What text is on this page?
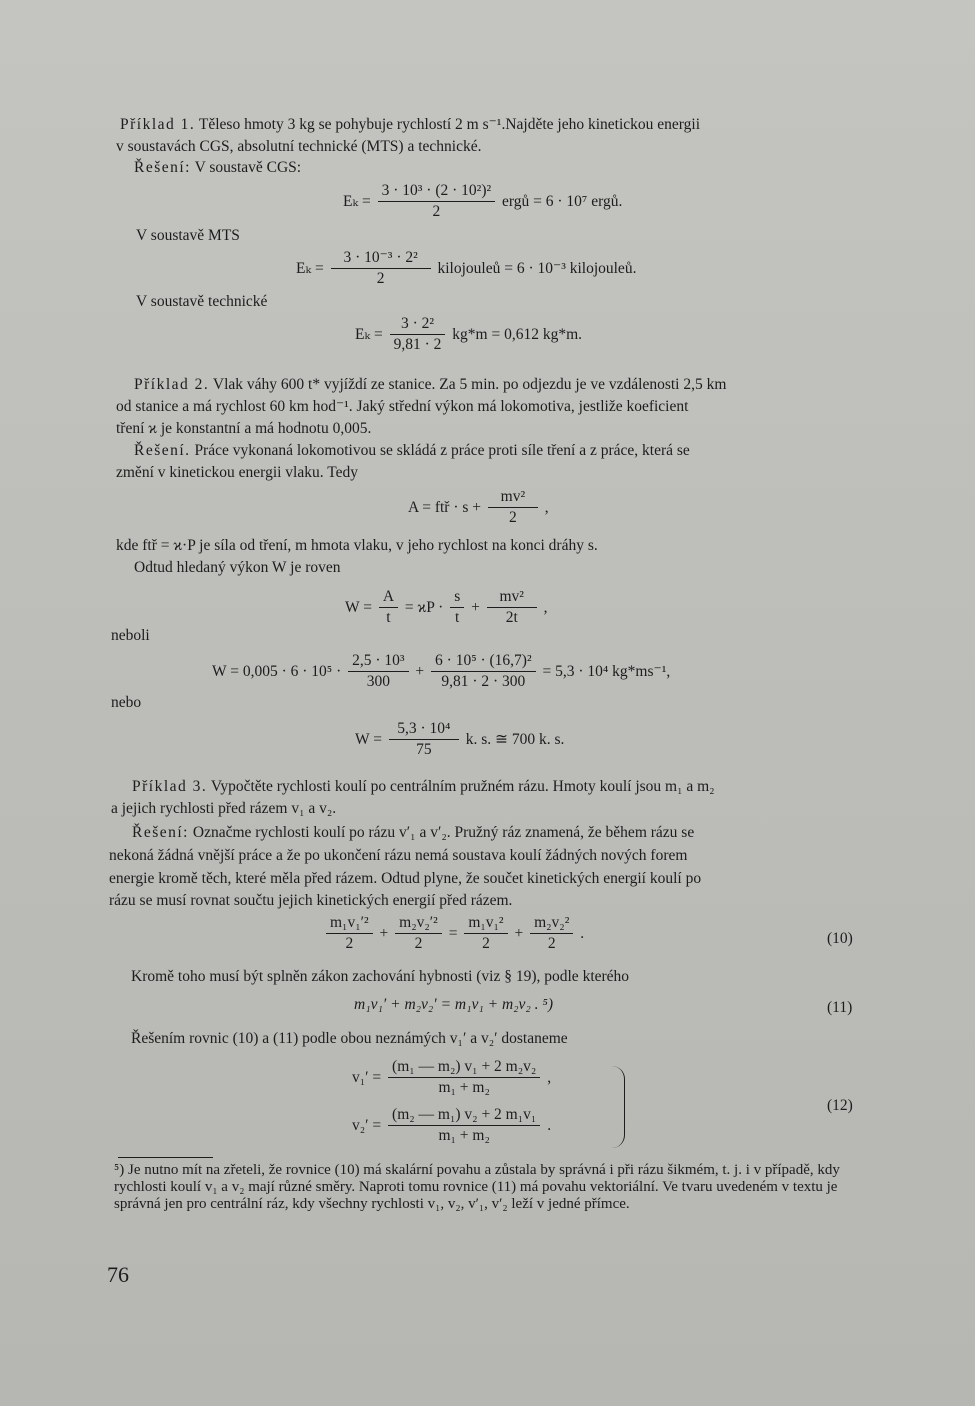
Příklad 1. Těleso hmoty 3 kg se pohybuje rychlostí 2 m s⁻¹.Najděte jeho kinetickou energii
v soustavách CGS, absolutní technické (MTS) a technické.
Řešení: V soustavě CGS:
$E_k = \frac{\text{3 · 10³ · (2 · 10²)²}}{2}$ ergů = 6 · 10⁷ ergů.
V soustavě MTS
$E_k = \frac{\text{3 · 10⁻³ · 2²}}{2}$ kilojouleů = 6 · 10⁻³ kilojouleů.
V soustavě technické
$E_k = \frac{\text{3 · 2²}}{9,81 \cdot 2} kg*m = 0,612$ kg*m.
Příklad 2. Vlak váhy 600 t* vyjíždí ze stanice. Za 5 min. po odjezdu je ve vzdálenosti 2,5 km
od stanice a má rychlost 60 km hod⁻¹. Jaký střední výkon má lokomotiva, jestliže koeficient
tření ϰ je konstantní a má hodnotu 0,005.
Řešení. Práce vykonaná lokomotivou se skládá z práce proti síle tření a z práce, která se
změní v kinetickou energii vlaku. Tedy
A = ftř · $s + \frac{\text{mv²}}{2}$ ,
kde ftř = ϰ·P je síla od tření, m hmota vlaku, v jeho rychlost na konci dráhy s.
Odtud hledaný výkon W je roven
$W = \frac{A}{t} = ϰP \cdot \frac{s}{t} + \frac{\text{mv²}}{2t}$ ,
neboli
$W = 0,005 \cdot 6 \cdot 10^5 \cdot \frac{\text{2,5 · 10³}}{300} + \frac{\text{6 · 10⁵ · (16,7)²}}{9,81 \cdot 2 \cdot 300} = 5,3 \cdot 10^4$ kg*ms⁻¹,
nebo
$W = \frac{\text{5,3 · 10⁴}}{75} k$. s. ≅ 700 k. s.
Příklad 3. Vypočtěte rychlosti koulí po centrálním pružném rázu. Hmoty koulí jsou m₁ a m₂
a jejich rychlosti před rázem v₁ a v₂.
Řešení: Označme rychlosti koulí po rázu v′₁ a v′₂. Pružný ráz znamená, že během rázu se
nekoná žádná vnější práce a že po ukončení rázu nemá soustava koulí žádných nových forem
energie kromě těch, které měla před rázem. Odtud plyne, že součet kinetických energií koulí po
rázu se musí rovnat součtu jejich kinetických energií před rázem.
$\frac{\text{m₁v₁′²}}{2} + \frac{\text{m₂v₂′²}}{2} = \frac{\text{m₁v₁²}}{2} + \frac{\text{m₂v₂²}}{2}$ .	(10)
Kromě toho musí být splněn zákon zachování hybnosti (viz § 19), podle kterého
m₁v₁′ + m₂v₂′ = m₁v₁ + m₂v₂ . ⁵)	(11)
Řešením rovnic (10) a (11) podle obou neznámých v₁′ a v₂′ dostaneme
$v_1' = \frac{\text{(m₁ — m₂) v₁ + 2 m₂v₂}}{\text{m₁ + m₂}}$ ,
$v_2' = \frac{\text{(m₂ — m₁) v₂ + 2 m₁v₁}}{\text{m₁ + m₂}}$ .
(12)
⁵) Je nutno mít na zřeteli, že rovnice (10) má skalární povahu a zůstala by správná i při rázu šikmém, t. j. i v případě, kdy rychlosti koulí v₁ a v₂ mají různé směry. Naproti tomu rovnice (11) má povahu vektoriální. Ve tvaru uvedeném v textu je správná jen pro centrální ráz, kdy všechny rychlosti v₁, v₂, v′₁, v′₂ leží v jedné přímce.
76
